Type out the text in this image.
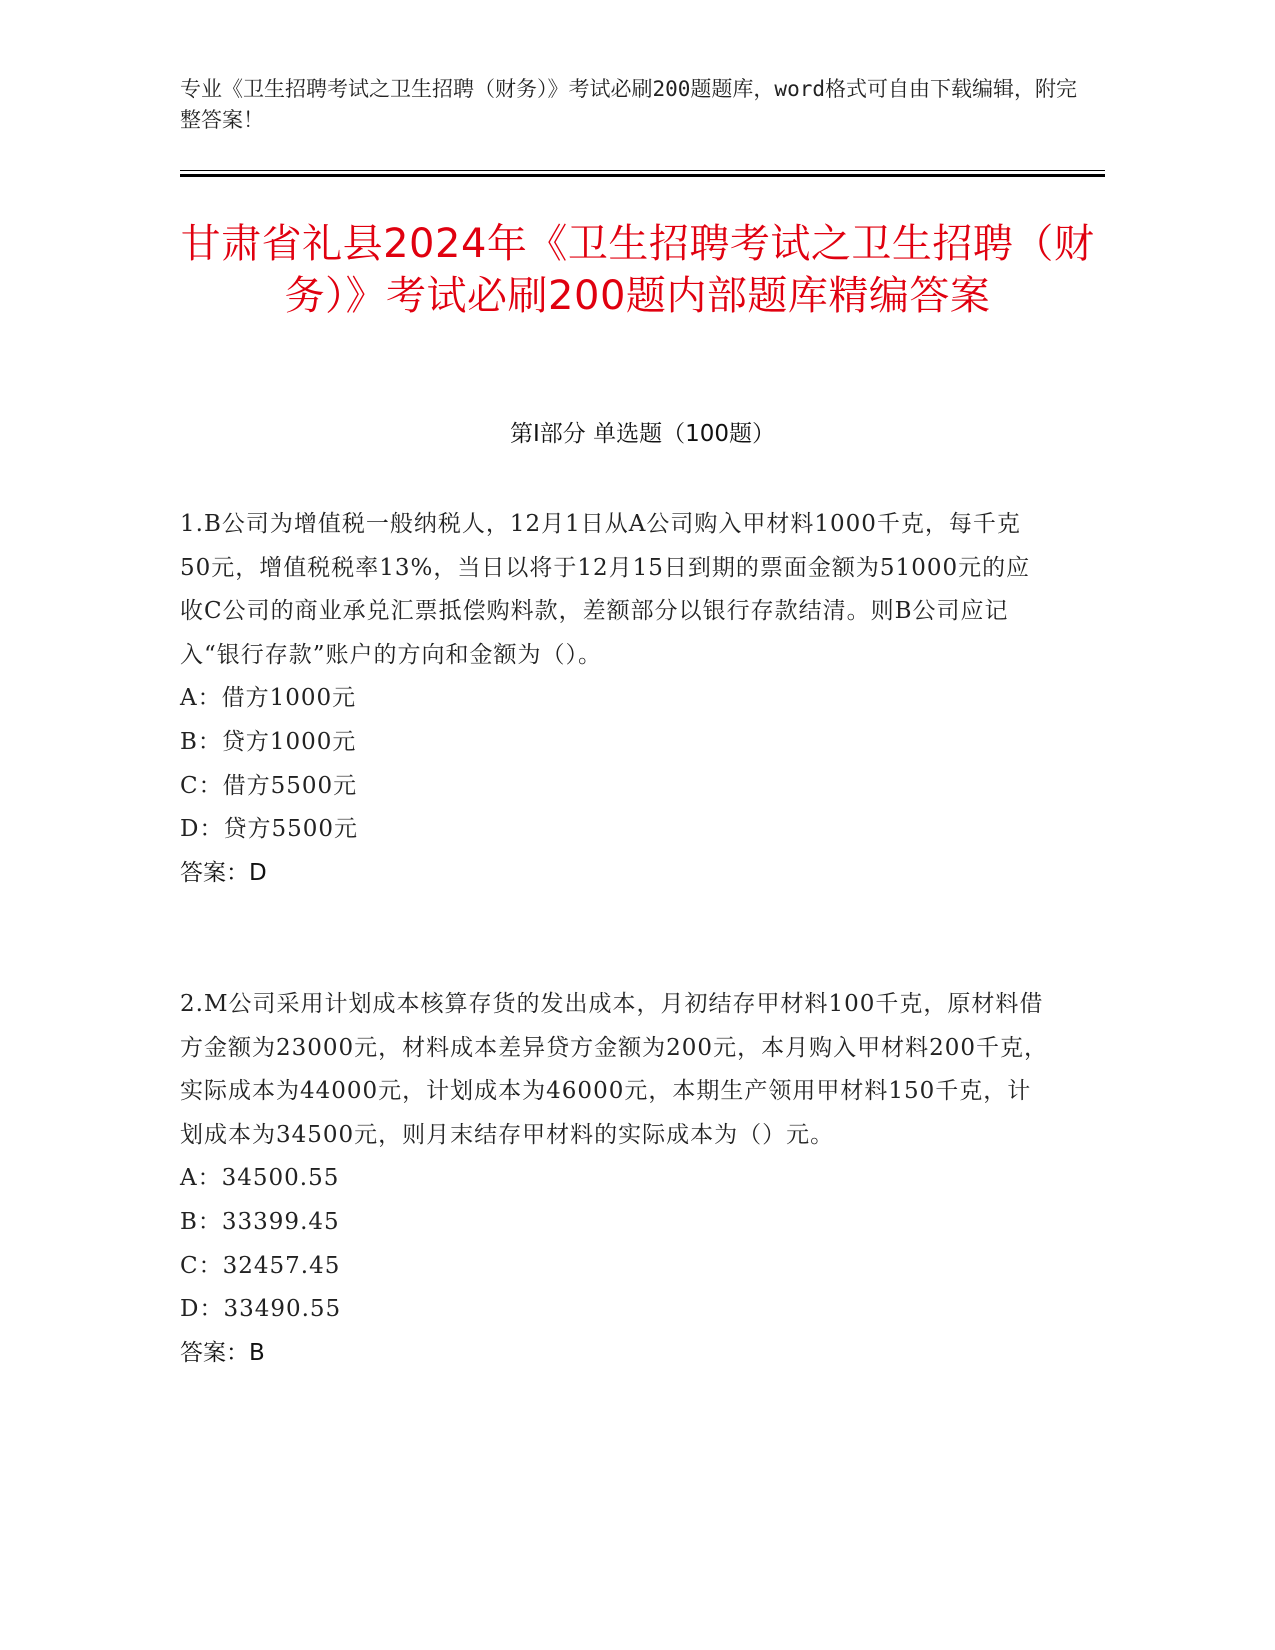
专业《卫生招聘考试之卫生招聘（财务）》考试必刷200题题库，word格式可自由下载编辑，附完整答案！
甘肃省礼县2024年《卫生招聘考试之卫生招聘（财务）》考试必刷200题内部题库精编答案
第Ⅰ部分 单选题（100题）

1.B公司为增值税一般纳税人，12月1日从A公司购入甲材料1000千克，每千克50元，增值税税率13%，当日以将于12月15日到期的票面金额为51000元的应收C公司的商业承兑汇票抵偿购料款，差额部分以银行存款结清。则B公司应记入“银行存款”账户的方向和金额为（）。

A：借方1000元

B：贷方1000元

C：借方5500元

D：贷方5500元

答案：D

2.M公司采用计划成本核算存货的发出成本，月初结存甲材料100千克，原材料借方金额为23000元，材料成本差异贷方金额为200元，本月购入甲材料200千克，实际成本为44000元，计划成本为46000元，本期生产领用甲材料150千克，计划成本为34500元，则月末结存甲材料的实际成本为（）元。

A：34500.55

B：33399.45

C：32457.45

D：33490.55

答案：B
